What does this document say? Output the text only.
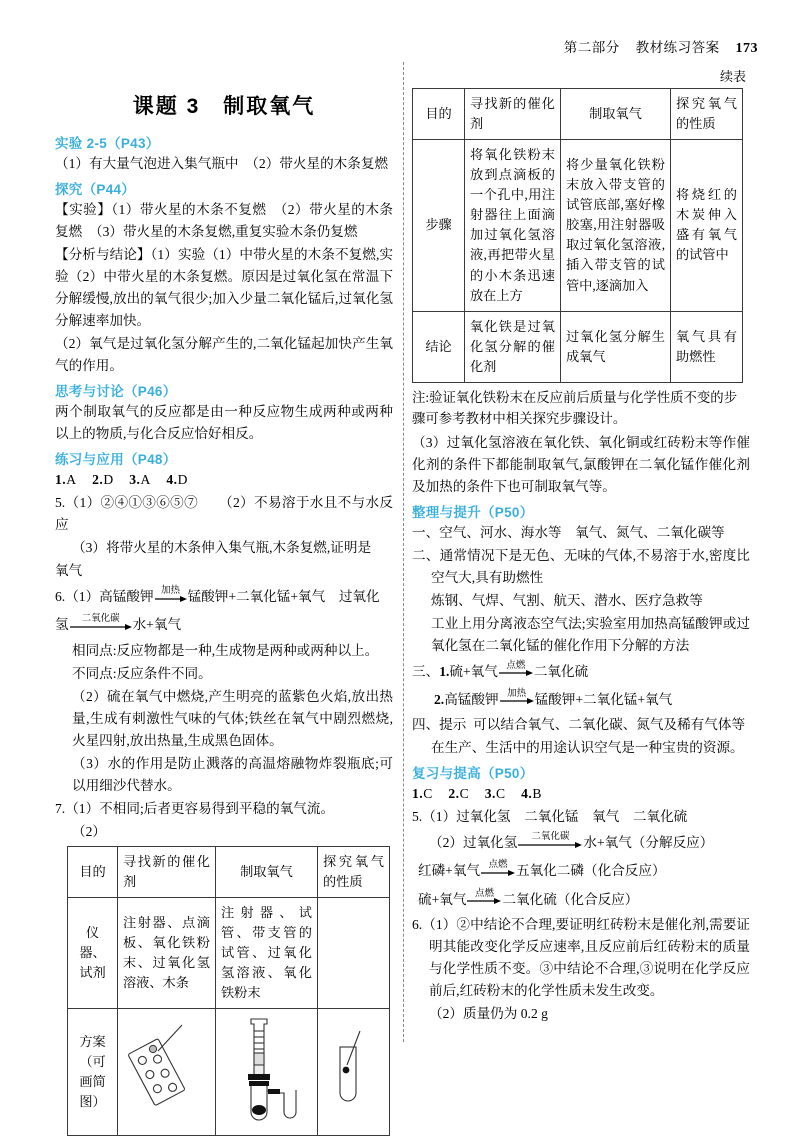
第二部分 教材练习答案 173
课题 3　制取氧气
实验 2-5（P43）

（1）有大量气泡进入集气瓶中　（2）带火星的木条复燃

探究（P44）

【实验】（1）带火星的木条不复燃　（2）带火星的木条复燃　（3）带火星的木条复燃,重复实验木条仍复燃

【分析与结论】（1）实验（1）中带火星的木条不复燃,实验（2）中带火星的木条复燃。原因是过氧化氢在常温下分解缓慢,放出的氧气很少;加入少量二氧化锰后,过氧化氢分解速率加快。

（2）氧气是过氧化氢分解产生的,二氧化锰起加快产生氧气的作用。

思考与讨论（P46）

两个制取氧气的反应都是由一种反应物生成两种或两种以上的物质,与化合反应恰好相反。

练习与应用（P48）
1.A 2.D 3.A 4.D

5.（1）②④①③⑥⑤⑦　　（2）不易溶于水且不与水反应

（3）将带火星的木条伸入集气瓶,木条复燃,证明是

氧气

6.（1）高锰酸钾 加热 锰酸钾+二氧化锰+氧气　过氧化
氢 二氧化碳 水+氧气

相同点:反应物都是一种,生成物是两种或两种以上。

不同点:反应条件不同。

（2）硫在氧气中燃烧,产生明亮的蓝紫色火焰,放出热量,生成有刺激性气味的气体;铁丝在氧气中剧烈燃烧,火星四射,放出热量,生成黑色固体。

（3）水的作用是防止溅落的高温熔融物炸裂瓶底;可以用细沙代替水。

7.（1）不相同;后者更容易得到平稳的氧气流。

（2）

目的	寻找新的催化剂	制取氧气	探究氧气的性质
仪器、试剂	注射器、点滴板、氧化铁粉末、过氧化氢溶液、木条	注射器、试管、带支管的试管、过氧化氢溶液、氧化铁粉末	
方案（可画简图）			
续表
目的	寻找新的催化剂	制取氧气	探究氧气的性质
步骤	将氧化铁粉末放到点滴板的一个孔中,用注射器往上面滴加过氧化氢溶液,再把带火星的小木条迅速放在上方	将少量氧化铁粉末放入带支管的试管底部,塞好橡胶塞,用注射器吸取过氧化氢溶液,插入带支管的试管中,逐滴加入	将烧红的木炭伸入盛有氧气的试管中
结论	氧化铁是过氧化氢分解的催化剂	过氧化氢分解生成氧气	氧气具有助燃性

注:验证氧化铁粉末在反应前后质量与化学性质不变的步骤可参考教材中相关探究步骤设计。

（3）过氧化氢溶液在氧化铁、氧化铜或红砖粉末等作催化剂的条件下都能制取氧气,氯酸钾在二氧化锰作催化剂及加热的条件下也可制取氧气等。

整理与提升（P50）

一、空气、河水、海水等　氧气、氮气、二氧化碳等

二、通常情况下是无色、无味的气体,不易溶于水,密度比空气大,具有助燃性

炼钢、气焊、气割、航天、潜水、医疗急救等

工业上用分离液态空气法;实验室用加热高锰酸钾或过氧化氢在二氧化锰的催化作用下分解的方法

三、1.硫+氧气 点燃 二氧化硫
2.高锰酸钾 加热 锰酸钾+二氧化锰+氧气

四、提示 可以结合氧气、二氧化碳、氮气及稀有气体等

在生产、生活中的用途认识空气是一种宝贵的资源。

复习与提高（P50）
1.C 2.C 3.C 4.B

5.（1）过氧化氢　二氧化锰　氧气　二氧化硫

（2）过氧化氢 二氧化碳 水+氧气（分解反应）
红磷+氧气 点燃 五氧化二磷（化合反应）
硫+氧气 点燃 二氧化硫（化合反应）

6.（1）②中结论不合理,要证明红砖粉末是催化剂,需要证明其能改变化学反应速率,且反应前后红砖粉末的质量与化学性质不变。③中结论不合理,③说明在化学反应前后,红砖粉末的化学性质未发生改变。

（2）质量仍为 0.2 g
